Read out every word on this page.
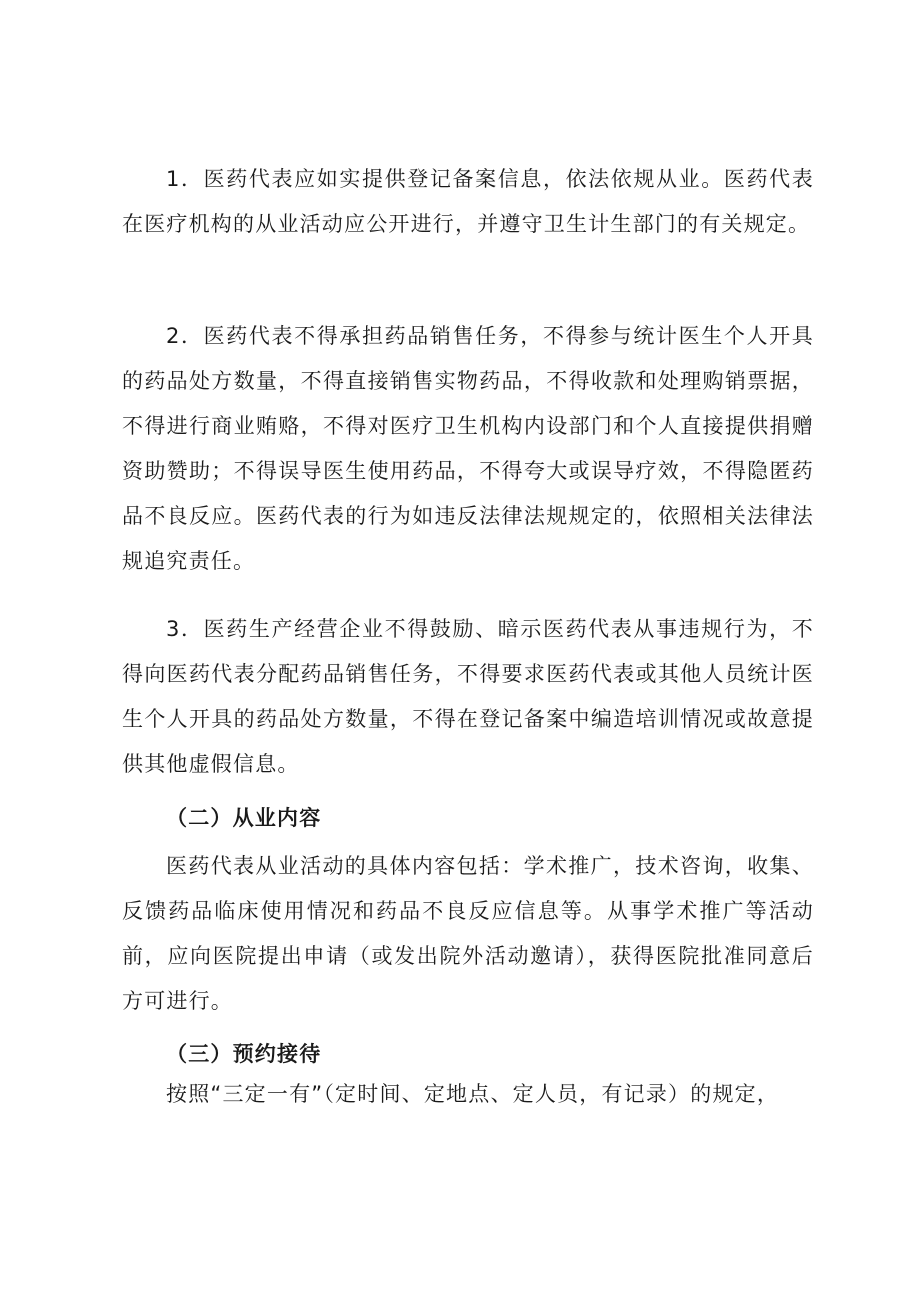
1．医药代表应如实提供登记备案信息，依法依规从业。医药代表在医疗机构的从业活动应公开进行，并遵守卫生计生部门的有关规定。

2．医药代表不得承担药品销售任务，不得参与统计医生个人开具的药品处方数量，不得直接销售实物药品，不得收款和处理购销票据，不得进行商业贿赂，不得对医疗卫生机构内设部门和个人直接提供捐赠资助赞助；不得误导医生使用药品，不得夸大或误导疗效，不得隐匿药品不良反应。医药代表的行为如违反法律法规规定的，依照相关法律法规追究责任。

3．医药生产经营企业不得鼓励、暗示医药代表从事违规行为，不得向医药代表分配药品销售任务，不得要求医药代表或其他人员统计医生个人开具的药品处方数量，不得在登记备案中编造培训情况或故意提供其他虚假信息。

（二）从业内容

医药代表从业活动的具体内容包括：学术推广，技术咨询，收集、反馈药品临床使用情况和药品不良反应信息等。从事学术推广等活动前，应向医院提出申请（或发出院外活动邀请），获得医院批准同意后方可进行。

（三）预约接待

按照“三定一有”（定时间、定地点、定人员，有记录）的规定，
